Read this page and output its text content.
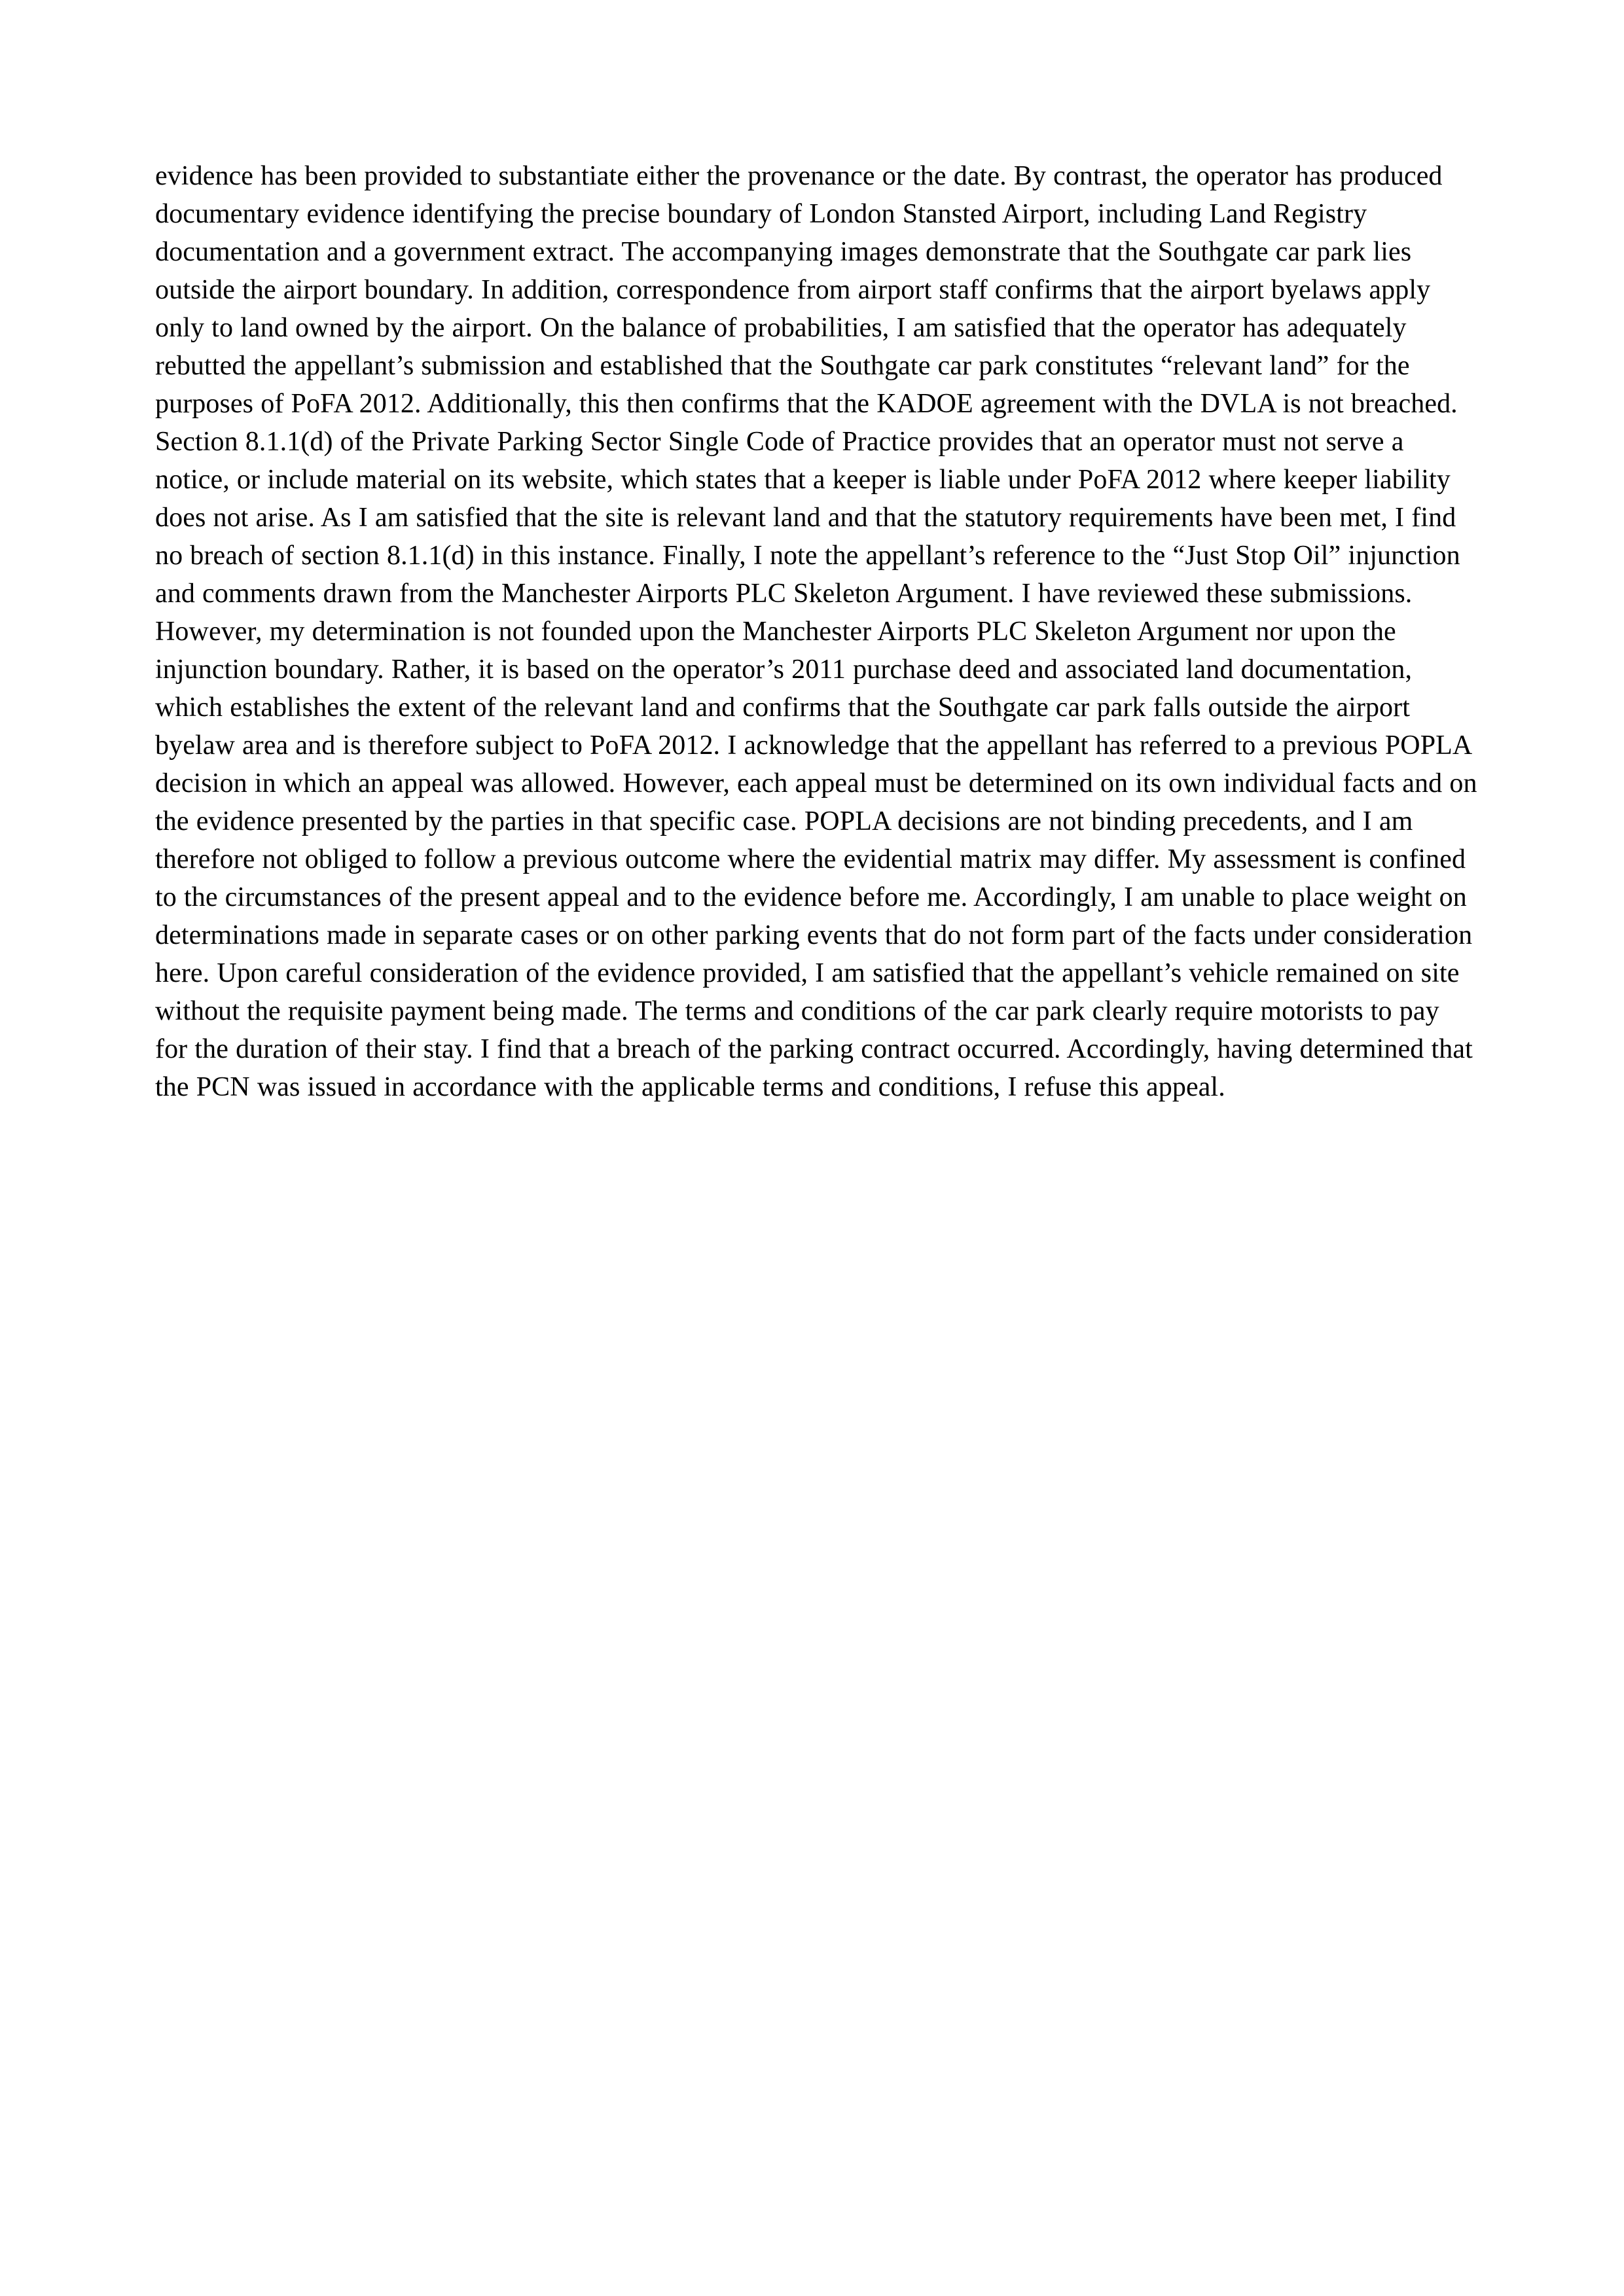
evidence has been provided to substantiate either the provenance or the date. By contrast, the operator has produced documentary evidence identifying the precise boundary of London Stansted Airport, including Land Registry documentation and a government extract. The accompanying images demonstrate that the Southgate car park lies outside the airport boundary. In addition, correspondence from airport staff confirms that the airport byelaws apply only to land owned by the airport. On the balance of probabilities, I am satisfied that the operator has adequately rebutted the appellant’s submission and established that the Southgate car park constitutes “relevant land” for the purposes of PoFA 2012. Additionally, this then confirms that the KADOE agreement with the DVLA is not breached. Section 8.1.1(d) of the Private Parking Sector Single Code of Practice provides that an operator must not serve a notice, or include material on its website, which states that a keeper is liable under PoFA 2012 where keeper liability does not arise. As I am satisfied that the site is relevant land and that the statutory requirements have been met, I find no breach of section 8.1.1(d) in this instance. Finally, I note the appellant’s reference to the “Just Stop Oil” injunction and comments drawn from the Manchester Airports PLC Skeleton Argument. I have reviewed these submissions. However, my determination is not founded upon the Manchester Airports PLC Skeleton Argument nor upon the injunction boundary. Rather, it is based on the operator’s 2011 purchase deed and associated land documentation, which establishes the extent of the relevant land and confirms that the Southgate car park falls outside the airport byelaw area and is therefore subject to PoFA 2012. I acknowledge that the appellant has referred to a previous POPLA decision in which an appeal was allowed. However, each appeal must be determined on its own individual facts and on the evidence presented by the parties in that specific case. POPLA decisions are not binding precedents, and I am therefore not obliged to follow a previous outcome where the evidential matrix may differ. My assessment is confined to the circumstances of the present appeal and to the evidence before me. Accordingly, I am unable to place weight on determinations made in separate cases or on other parking events that do not form part of the facts under consideration here. Upon careful consideration of the evidence provided, I am satisfied that the appellant’s vehicle remained on site without the requisite payment being made. The terms and conditions of the car park clearly require motorists to pay for the duration of their stay. I find that a breach of the parking contract occurred. Accordingly, having determined that the PCN was issued in accordance with the applicable terms and conditions, I refuse this appeal.
